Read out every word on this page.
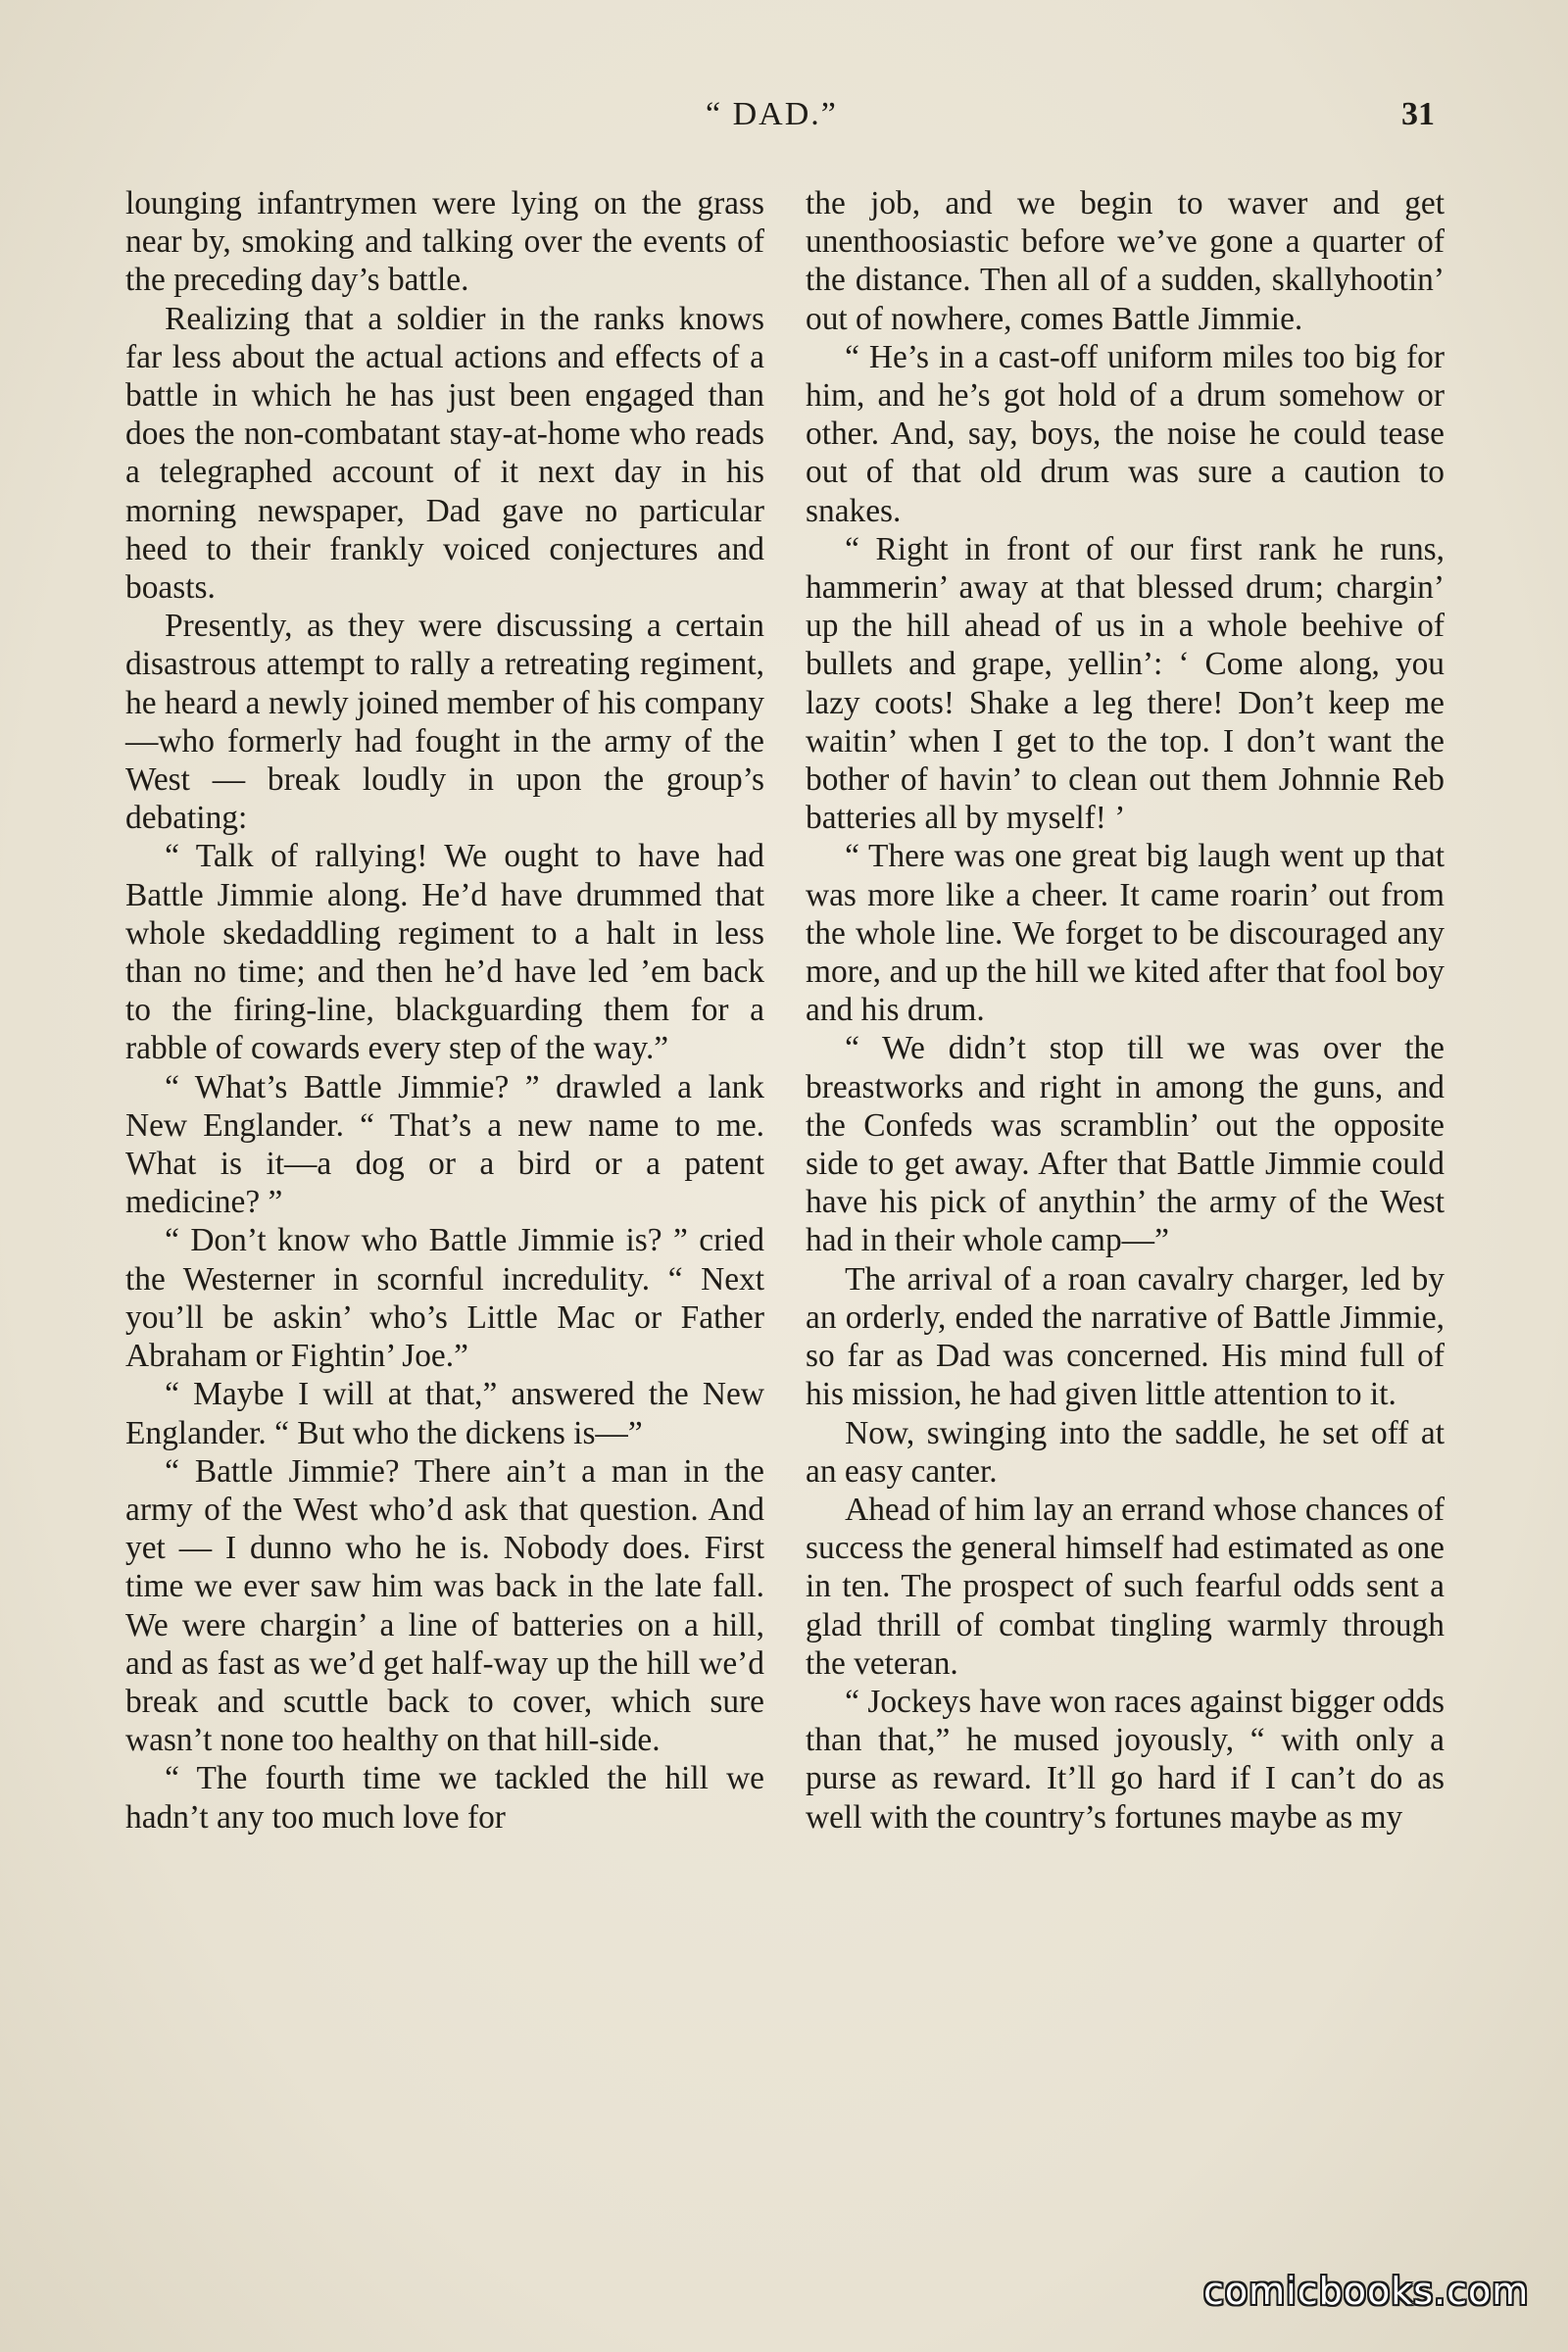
“ DAD.”	31

lounging infantrymen were lying on the grass near by, smoking and talking over the events of the preceding day’s battle.

Realizing that a soldier in the ranks knows far less about the actual actions and effects of a battle in which he has just been engaged than does the non-combatant stay-at-home who reads a telegraphed account of it next day in his morning newspaper, Dad gave no particular heed to their frankly voiced conjectures and boasts.

Presently, as they were discussing a certain disastrous attempt to rally a retreating regiment, he heard a newly joined member of his company—who formerly had fought in the army of the West — break loudly in upon the group’s debating:

“ Talk of rallying! We ought to have had Battle Jimmie along. He’d have drummed that whole skedaddling regiment to a halt in less than no time; and then he’d have led ’em back to the firing-line, blackguarding them for a rabble of cowards every step of the way.”

“ What’s Battle Jimmie? ” drawled a lank New Englander. “ That’s a new name to me. What is it—a dog or a bird or a patent medicine? ”

“ Don’t know who Battle Jimmie is? ” cried the Westerner in scornful incredulity. “ Next you’ll be askin’ who’s Little Mac or Father Abraham or Fightin’ Joe.”

“ Maybe I will at that,” answered the New Englander. “ But who the dickens is—”

“ Battle Jimmie? There ain’t a man in the army of the West who’d ask that question. And yet — I dunno who he is. Nobody does. First time we ever saw him was back in the late fall. We were chargin’ a line of batteries on a hill, and as fast as we’d get half-way up the hill we’d break and scuttle back to cover, which sure wasn’t none too healthy on that hill-side.

“ The fourth time we tackled the hill we hadn’t any too much love for

the job, and we begin to waver and get unenthoosiastic before we’ve gone a quarter of the distance. Then all of a sudden, skallyhootin’ out of nowhere, comes Battle Jimmie.

“ He’s in a cast-off uniform miles too big for him, and he’s got hold of a drum somehow or other. And, say, boys, the noise he could tease out of that old drum was sure a caution to snakes.

“ Right in front of our first rank he runs, hammerin’ away at that blessed drum; chargin’ up the hill ahead of us in a whole beehive of bullets and grape, yellin’: ‘ Come along, you lazy coots! Shake a leg there! Don’t keep me waitin’ when I get to the top. I don’t want the bother of havin’ to clean out them Johnnie Reb batteries all by myself! ’

“ There was one great big laugh went up that was more like a cheer. It came roarin’ out from the whole line. We forget to be discouraged any more, and up the hill we kited after that fool boy and his drum.

“ We didn’t stop till we was over the breastworks and right in among the guns, and the Confeds was scramblin’ out the opposite side to get away. After that Battle Jimmie could have his pick of anythin’ the army of the West had in their whole camp—”

The arrival of a roan cavalry charger, led by an orderly, ended the narrative of Battle Jimmie, so far as Dad was concerned. His mind full of his mission, he had given little attention to it.

Now, swinging into the saddle, he set off at an easy canter.

Ahead of him lay an errand whose chances of success the general himself had estimated as one in ten. The prospect of such fearful odds sent a glad thrill of combat tingling warmly through the veteran.

“ Jockeys have won races against bigger odds than that,” he mused joyously, “ with only a purse as reward. It’ll go hard if I can’t do as well with the country’s fortunes maybe as my

comicbooks.com
